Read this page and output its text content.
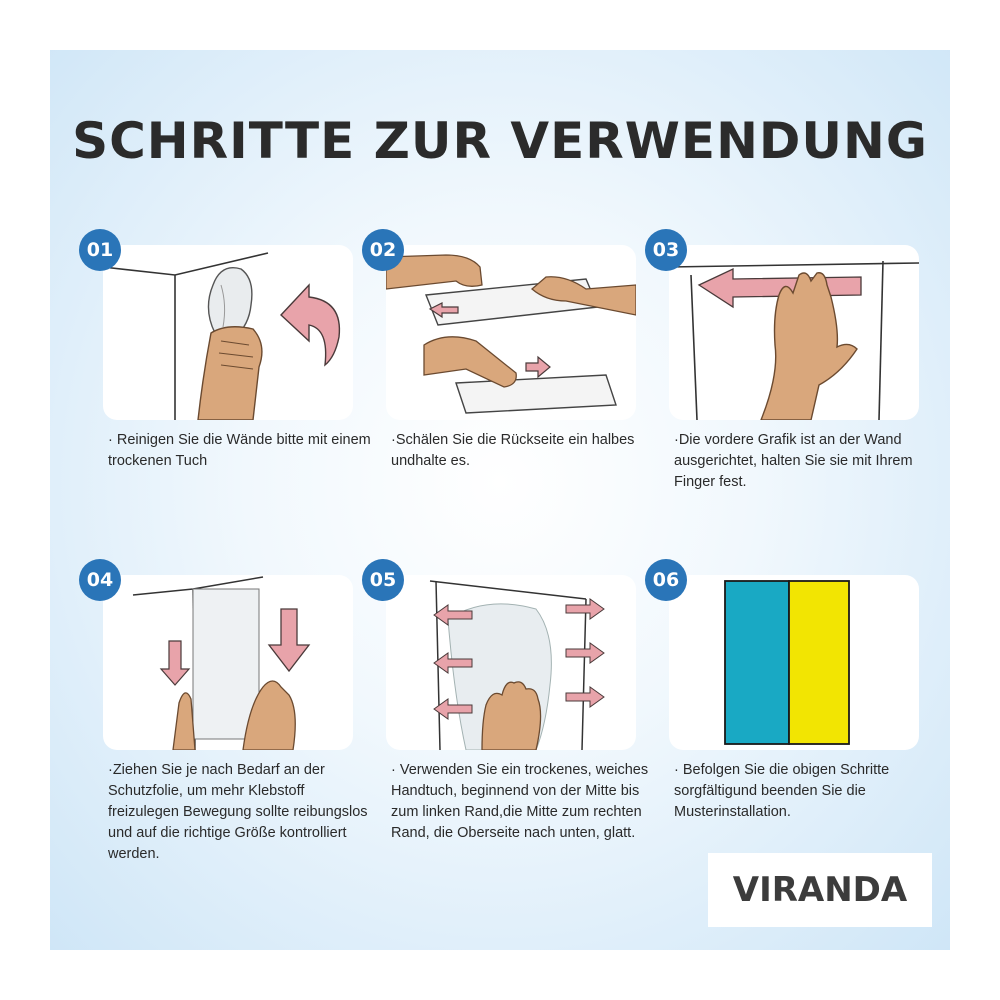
SCHRITTE ZUR VERWENDUNG
01
· Reinigen Sie die Wände bitte mit einem trockenen Tuch
02
·Schälen Sie die Rückseite ein halbes undhalte es.
03
·Die vordere Grafik ist an der Wand ausgerichtet, halten Sie sie mit Ihrem Finger fest.
04
·Ziehen Sie je nach Bedarf an der Schutzfolie, um mehr Klebstoff freizulegen Bewegung sollte reibungslos und auf die richtige Größe kontrolliert werden.
05
· Verwenden Sie ein trockenes, weiches Handtuch, beginnend von der Mitte bis zum linken Rand,die Mitte zum rechten Rand, die Oberseite nach unten, glatt.
06
· Befolgen Sie die obigen Schritte sorgfältigund beenden Sie die Musterinstallation.
VIRANDA
